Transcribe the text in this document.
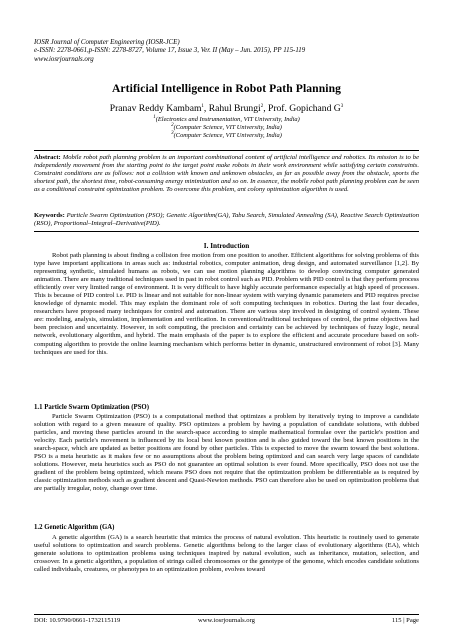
IOSR Journal of Computer Engineering (IOSR-JCE)
e-ISSN: 2278-0661,p-ISSN: 2278-8727, Volume 17, Issue 3, Ver. II (May – Jun. 2015), PP 115-119
www.iosrjournals.org
Artificial Intelligence in Robot Path Planning
Pranav Reddy Kambam$^1$, Rahul Brungi$^2$, Prof. Gopichand $G^3$
$^1$(Electronics and Instrumentation, VIT University, India)
$^2$(Computer Science, VIT University, India)
$^3$(Computer Science, VIT University, India)
Abstract: Mobile robot path planning problem is an important combinational content of artificial intelligence and robotics. Its mission is to be independently movement from the starting point to the target point make robots in their work environment while satisfying certain constraints. Constraint conditions are as follows: not a collision with known and unknown obstacles, as far as possible away from the obstacle, sports the shortest path, the shortest time, robot-consuming energy minimization and so on. In essence, the mobile robot path planning problem can be seen as a conditional constraint optimization problem. To overcome this problem, ant colony optimization algorithm is used.
Keywords: Particle Swarm Optimization (PSO); Genetic Algorithm(GA), Tabu Search, Simulated Annealing (SA), Reactive Search Optimization (RSO), Proportional–Integral–Derivative(PID).
I. Introduction

Robot path planning is about finding a collision free motion from one position to another. Efficient algorithms for solving problems of this type have important applications in areas such as: industrial robotics, computer animation, drug design, and automated surveillance [1,2]. By representing synthetic, simulated humans as robots, we can use motion planning algorithms to develop convincing computer generated animation. There are many traditional techniques used in past in robot control such as PID. Problem with PID control is that they perform process efficiently over very limited range of environment. It is very difficult to have highly accurate performance especially at high speed of processes. This is because of PID control i.e. PID is linear and not suitable for non-linear system with varying dynamic parameters and PID requires precise knowledge of dynamic model. This may explain the dominant role of soft computing techniques in robotics. During the last four decades, researchers have proposed many techniques for control and automation. There are various step involved in designing of control system. These are: modeling, analysis, simulation, implementation and verification. In conventional/traditional techniques of control, the prime objectives had been precision and uncertainty. However, in soft computing, the precision and certainty can be achieved by techniques of fuzzy logic, neural network, evolutionary algorithm, and hybrid. The main emphasis of the paper is to explore the efficient and accurate procedure based on soft-computing algorithm to provide the online learning mechanism which performs better in dynamic, unstructured environment of robot [3]. Many techniques are used for this.

1.1 Particle Swarm Optimization (PSO)

Particle Swarm Optimization (PSO) is a computational method that optimizes a problem by iteratively trying to improve a candidate solution with regard to a given measure of quality. PSO optimizes a problem by having a population of candidate solutions, with dubbed particles, and moving these particles around in the search-space according to simple mathematical formulae over the particle's position and velocity. Each particle's movement is influenced by its local best known position and is also guided toward the best known positions in the search-space, which are updated as better positions are found by other particles. This is expected to move the swarm toward the best solutions. PSO is a meta heuristic as it makes few or no assumptions about the problem being optimized and can search very large spaces of candidate solutions. However, meta heuristics such as PSO do not guarantee an optimal solution is ever found. More specifically, PSO does not use the gradient of the problem being optimized, which means PSO does not require that the optimization problem be differentiable as is required by classic optimization methods such as gradient descent and Quasi-Newton methods. PSO can therefore also be used on optimization problems that are partially irregular, noisy, change over time.

1.2 Genetic Algorithm (GA)

A genetic algorithm (GA) is a search heuristic that mimics the process of natural evolution. This heuristic is routinely used to generate useful solutions to optimization and search problems. Genetic algorithms belong to the larger class of evolutionary algorithms (EA), which generate solutions to optimization problems using techniques inspired by natural evolution, such as inheritance, mutation, selection, and crossover. In a genetic algorithm, a population of strings called chromosomes or the genotype of the genome, which encodes candidate solutions called individuals, creatures, or phenotypes to an optimization problem, evolves toward

DOI: 10.9790/0661-1732115119	www.iosrjournals.org	115 | Page
